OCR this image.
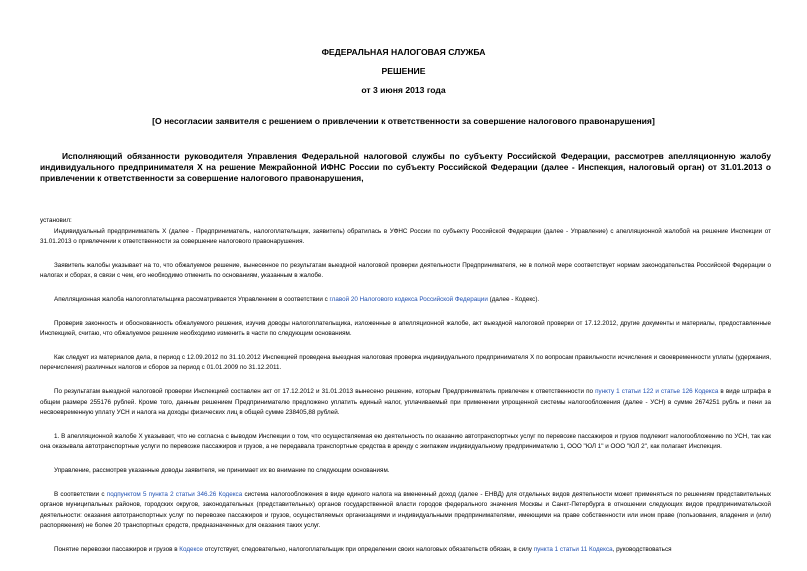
ФЕДЕРАЛЬНАЯ НАЛОГОВАЯ СЛУЖБА
РЕШЕНИЕ
от 3 июня 2013 года
[О несогласии заявителя с решением о привлечении к ответственности за совершение налогового правонарушения]
Исполняющий обязанности руководителя Управления Федеральной налоговой службы по субъекту Российской Федерации, рассмотрев апелляционную жалобу индивидуального предпринимателя Х на решение Межрайонной ИФНС России по субъекту Российской Федерации (далее - Инспекция, налоговый орган) от 31.01.2013 о привлечении к ответственности за совершение налогового правонарушения,

установил:

Индивидуальный предприниматель Х (далее - Предприниматель, налогоплательщик, заявитель) обратилась в УФНС России по субъекту Российской Федерации (далее - Управление) с апелляционной жалобой на решение Инспекции от 31.01.2013 о привлечении к ответственности за совершение налогового правонарушения.

Заявитель жалобы указывает на то, что обжалуемое решение, вынесенное по результатам выездной налоговой проверки деятельности Предпринимателя, не в полной мере соответствует нормам законодательства Российской Федерации о налогах и сборах, в связи с чем, его необходимо отменить по основаниям, указанным в жалобе.

Апелляционная жалоба налогоплательщика рассматривается Управлением в соответствии с главой 20 Налогового кодекса Российской Федерации (далее - Кодекс).

Проверив законность и обоснованность обжалуемого решения, изучив доводы налогоплательщика, изложенные в апелляционной жалобе, акт выездной налоговой проверки от 17.12.2012, другие документы и материалы, предоставленные Инспекцией, считаю, что обжалуемое решение необходимо изменить в части по следующим основаниям.

Как следует из материалов дела, в период с 12.09.2012 по 31.10.2012 Инспекцией проведена выездная налоговая проверка индивидуального предпринимателя Х по вопросам правильности исчисления и своевременности уплаты (удержания, перечисления) различных налогов и сборов за период с 01.01.2009 по 31.12.2011.

По результатам выездной налоговой проверки Инспекцией составлен акт от 17.12.2012 и 31.01.2013 вынесено решение, которым Предприниматель привлечен к ответственности по пункту 1 статьи 122 и статье 126 Кодекса в виде штрафа в общем размере 255176 рублей. Кроме того, данным решением Предпринимателю предложено уплатить единый налог, уплачиваемый при применении упрощенной системы налогообложения (далее - УСН) в сумме 2674251 рубль и пени за несвоевременную уплату УСН и налога на доходы физических лиц в общей сумме 238405,88 рублей.

1. В апелляционной жалобе Х указывает, что не согласна с выводом Инспекции о том, что осуществляемая ею деятельность по оказанию автотранспортных услуг по перевозке пассажиров и грузов подлежит налогообложению по УСН, так как она оказывала автотранспортные услуги по перевозке пассажиров и грузов, а не передавала транспортные средства в аренду с экипажем индивидуальному предпринимателю 1, ООО "ЮЛ 1" и ООО "ЮЛ 2", как полагает Инспекция.

Управление, рассмотрев указанные доводы заявителя, не принимает их во внимание по следующим основаниям.

В соответствии с подпунктом 5 пункта 2 статьи 346.26 Кодекса система налогообложения в виде единого налога на вмененный доход (далее - ЕНВД) для отдельных видов деятельности может применяться по решениям представительных органов муниципальных районов, городских округов, законодательных (представительных) органов государственной власти городов федерального значения Москвы и Санкт-Петербурга в отношении следующих видов предпринимательской деятельности: оказания автотранспортных услуг по перевозке пассажиров и грузов, осуществляемых организациями и индивидуальными предпринимателями, имеющими на праве собственности или ином праве (пользования, владения и (или) распоряжения) не более 20 транспортных средств, предназначенных для оказания таких услуг.

Понятие перевозки пассажиров и грузов в Кодексе отсутствует, следовательно, налогоплательщик при определении своих налоговых обязательств обязан, в силу пункта 1 статьи 11 Кодекса, руководствоваться
